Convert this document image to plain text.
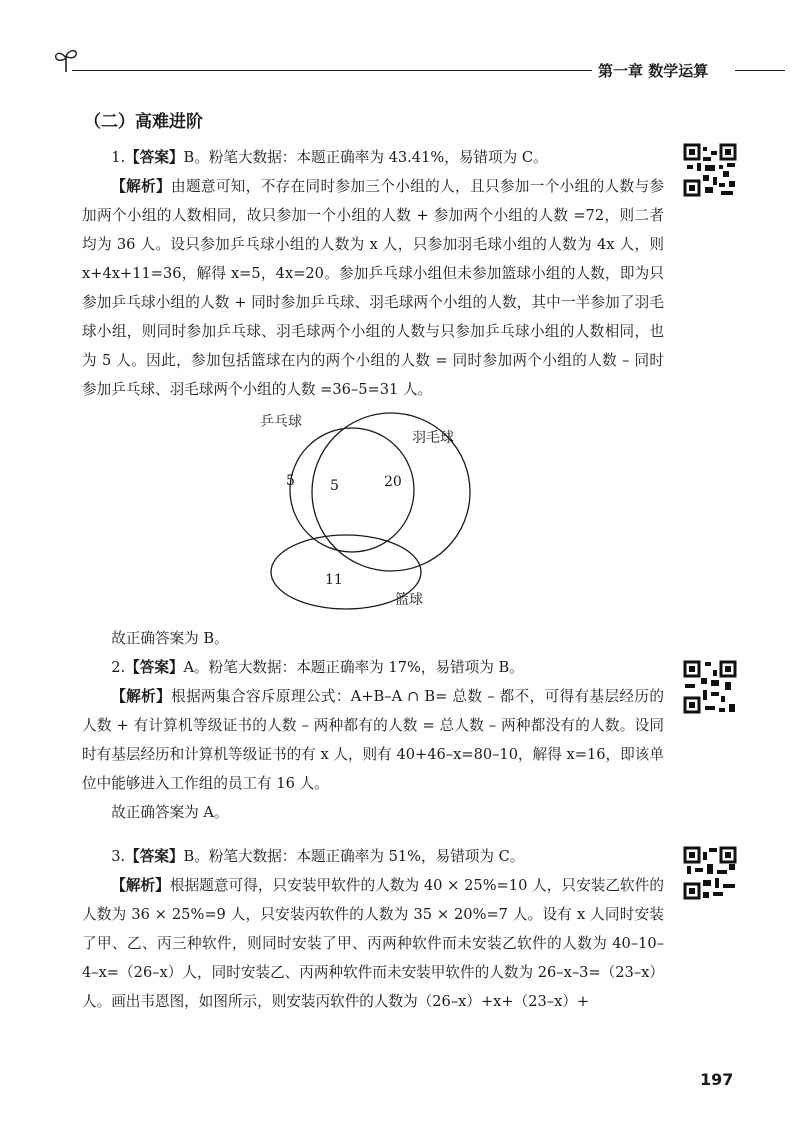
第一章 数学运算
（二）高难进阶

1.【答案】B。粉笔大数据：本题正确率为 43.41%，易错项为 C。

【解析】由题意可知，不存在同时参加三个小组的人，且只参加一个小组的人数与参加两个小组的人数相同，故只参加一个小组的人数 + 参加两个小组的人数 =72，则二者均为 36 人。设只参加乒乓球小组的人数为 x 人，只参加羽毛球小组的人数为 4x 人，则 x+4x+11=36，解得 x=5，4x=20。参加乒乓球小组但未参加篮球小组的人数，即为只参加乒乓球小组的人数 + 同时参加乒乓球、羽毛球两个小组的人数，其中一半参加了羽毛球小组，则同时参加乒乓球、羽毛球两个小组的人数与只参加乒乓球小组的人数相同，也为 5 人。因此，参加包括篮球在内的两个小组的人数 = 同时参加两个小组的人数 – 同时参加乒乓球、羽毛球两个小组的人数 =36–5=31 人。

乒乓球
羽毛球
篮球
5	5	20
11

故正确答案为 B。

2.【答案】A。粉笔大数据：本题正确率为 17%，易错项为 B。

【解析】根据两集合容斥原理公式：A+B–A ∩ B= 总数 – 都不，可得有基层经历的人数 + 有计算机等级证书的人数 – 两种都有的人数 = 总人数 – 两种都没有的人数。设同时有基层经历和计算机等级证书的有 x 人，则有 40+46–x=80–10，解得 x=16，即该单位中能够进入工作组的员工有 16 人。

故正确答案为 A。

3.【答案】B。粉笔大数据：本题正确率为 51%，易错项为 C。

【解析】根据题意可得，只安装甲软件的人数为 40 × 25%=10 人，只安装乙软件的人数为 36 × 25%=9 人，只安装丙软件的人数为 35 × 20%=7 人。设有 x 人同时安装了甲、乙、丙三种软件，则同时安装了甲、丙两种软件而未安装乙软件的人数为 40–10–4–x=（26–x）人，同时安装乙、丙两种软件而未安装甲软件的人数为 26–x–3=（23–x）人。画出韦恩图，如图所示，则安装丙软件的人数为（26–x）+x+（23–x）+

197
